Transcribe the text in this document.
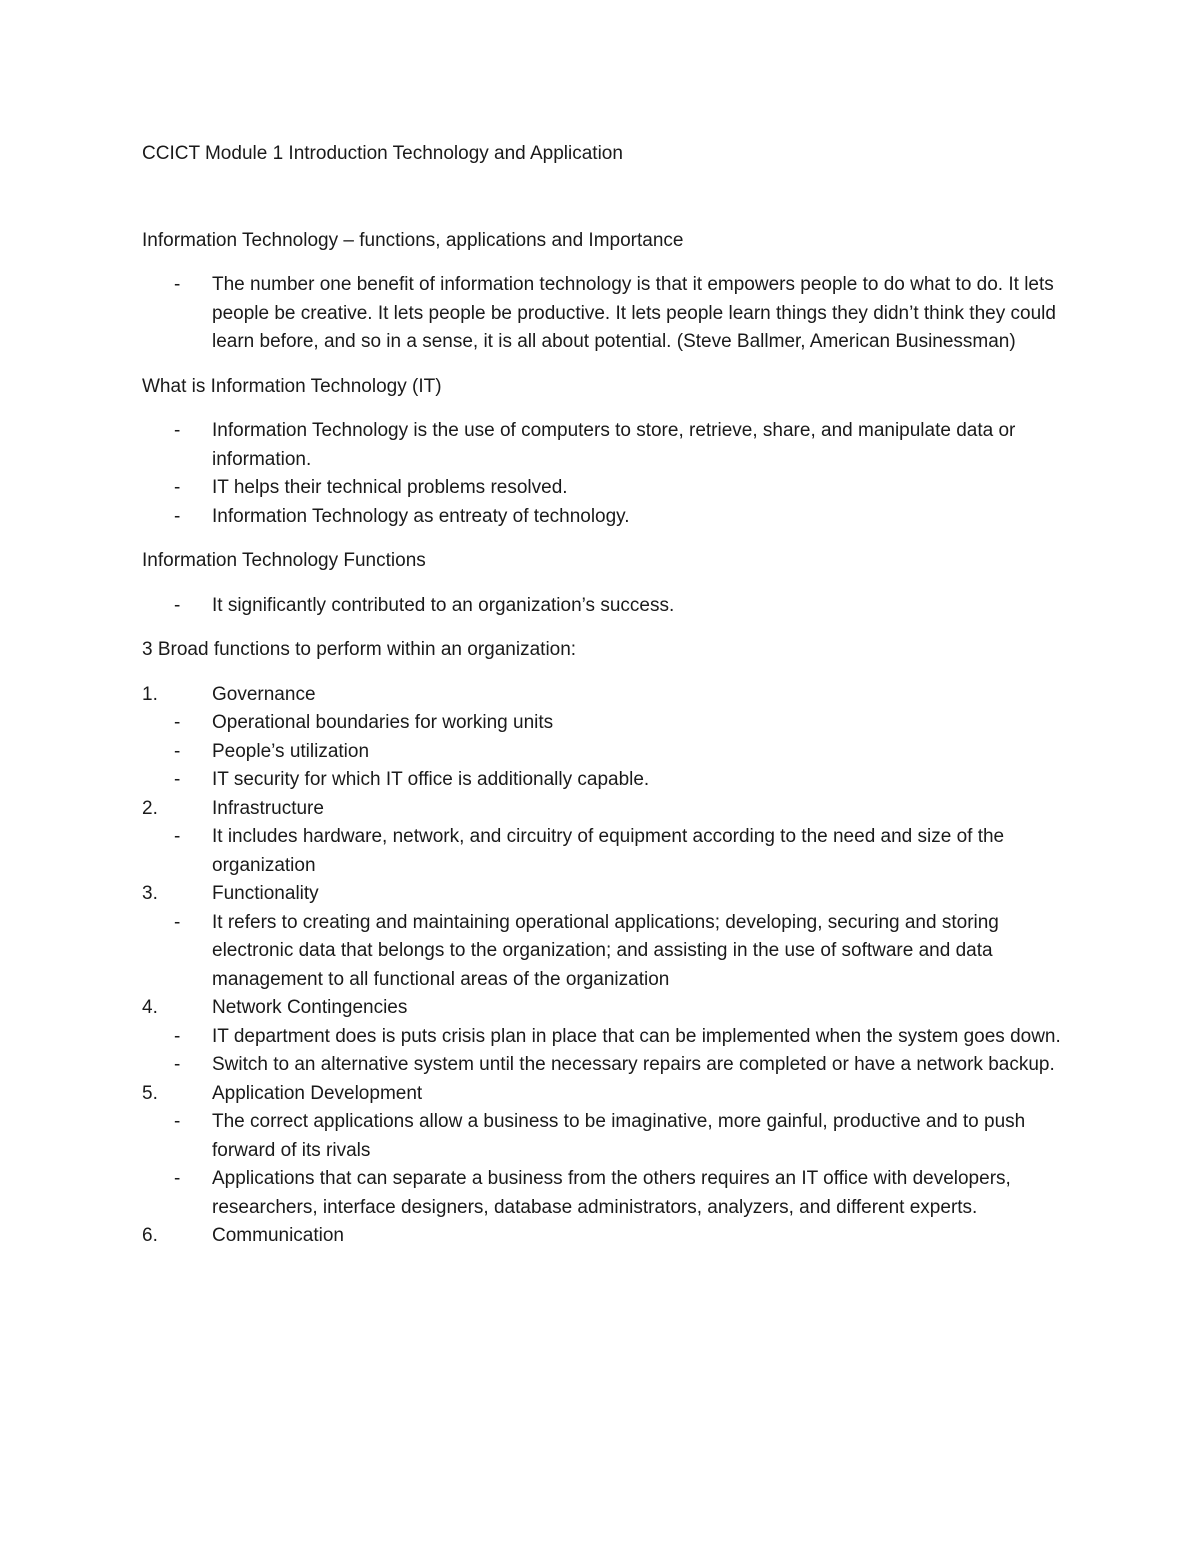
CCICT Module 1 Introduction Technology and Application

Information Technology – functions, applications and Importance

-	The number one benefit of information technology is that it empowers people to do what to do. It lets people be creative. It lets people be productive. It lets people learn things they didn’t think they could learn before, and so in a sense, it is all about potential. (Steve Ballmer, American Businessman)

What is Information Technology (IT)

-	Information Technology is the use of computers to store, retrieve, share, and manipulate data or information.
-	IT helps their technical problems resolved.
-	Information Technology as entreaty of technology.

Information Technology Functions

-	It significantly contributed to an organization’s success.

3 Broad functions to perform within an organization:

1.	Governance
-	Operational boundaries for working units
-	People’s utilization
-	IT security for which IT office is additionally capable.
2.	Infrastructure
-	It includes hardware, network, and circuitry of equipment according to the need and size of the organization
3.	Functionality
-	It refers to creating and maintaining operational applications; developing, securing and storing electronic data that belongs to the organization; and assisting in the use of software and data management to all functional areas of the organization
4.	Network Contingencies
-	IT department does is puts crisis plan in place that can be implemented when the system goes down.
-	Switch to an alternative system until the necessary repairs are completed or have a network backup.
5.	Application Development
-	The correct applications allow a business to be imaginative, more gainful, productive and to push forward of its rivals
-	Applications that can separate a business from the others requires an IT office with developers, researchers, interface designers, database administrators, analyzers, and different experts.
6.	Communication
